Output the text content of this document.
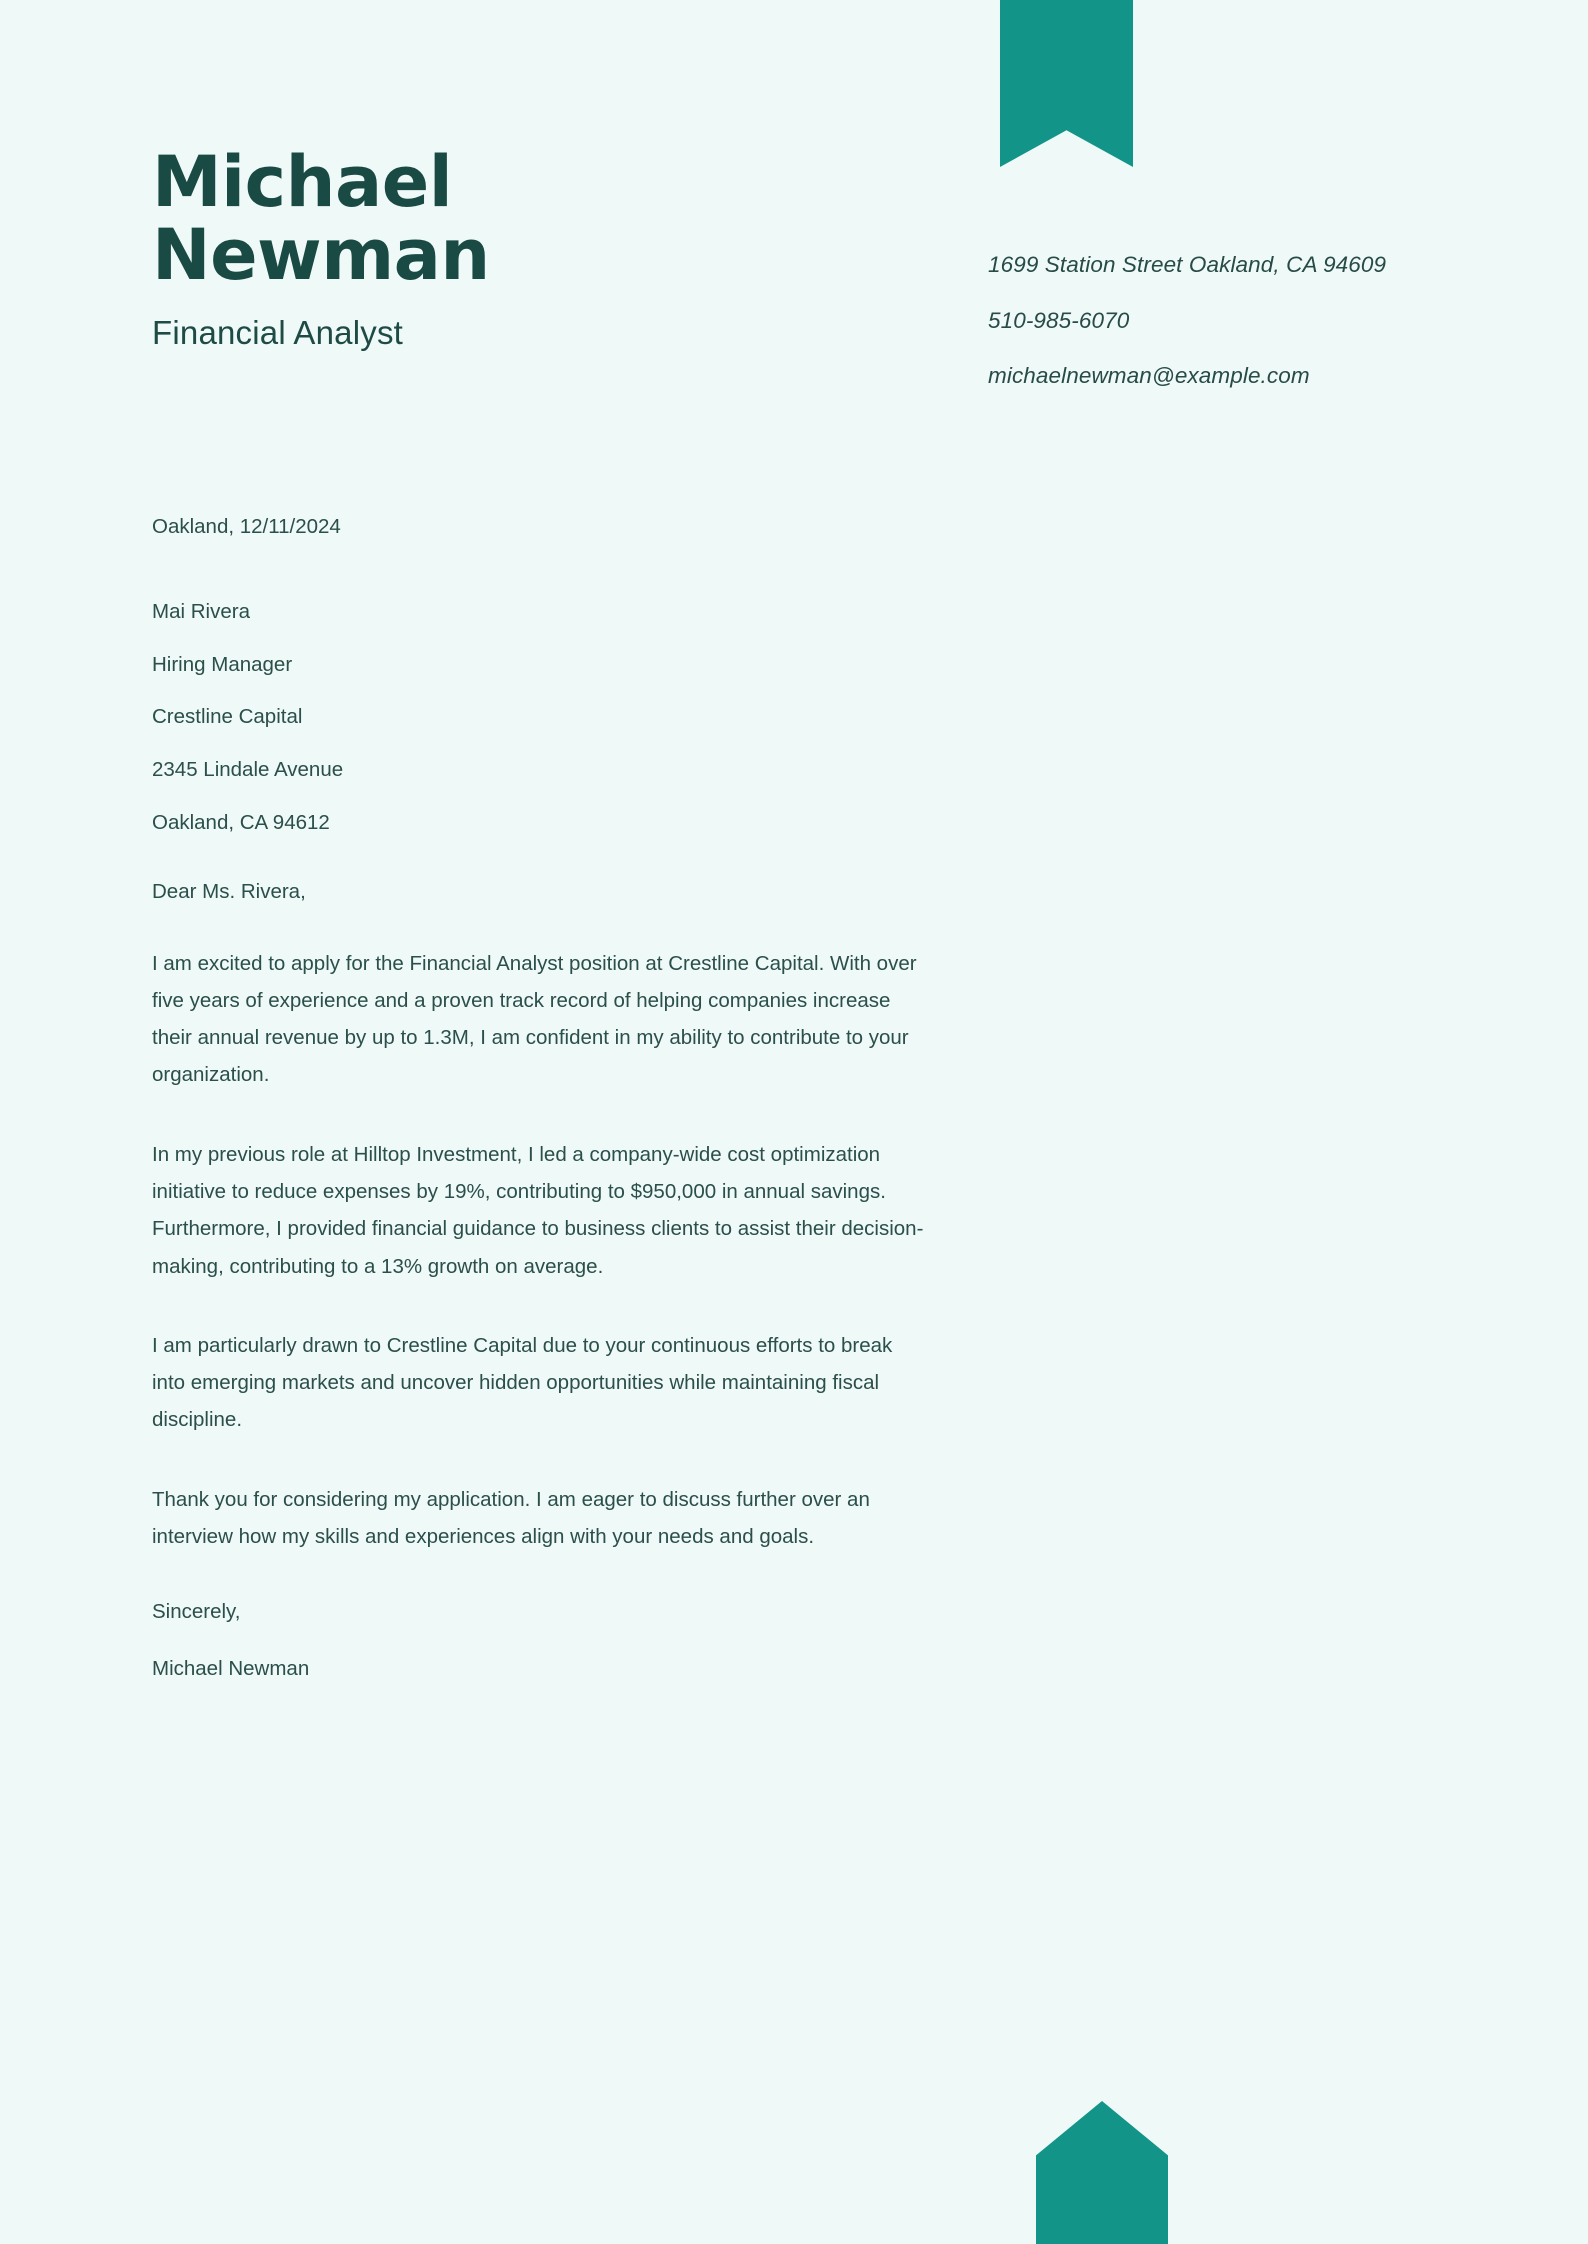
Michael
Newman

Financial Analyst

1699 Station Street Oakland, CA 94609

510-985-6070

michaelnewman@example.com

Oakland, 12/11/2024

Mai Rivera

Hiring Manager

Crestline Capital

2345 Lindale Avenue

Oakland, CA 94612

Dear Ms. Rivera,

I am excited to apply for the Financial Analyst position at Crestline Capital. With over five years of experience and a proven track record of helping companies increase their annual revenue by up to 1.3M, I am confident in my ability to contribute to your organization.

In my previous role at Hilltop Investment, I led a company-wide cost optimization initiative to reduce expenses by 19%, contributing to $950,000 in annual savings. Furthermore, I provided financial guidance to business clients to assist their decision-making, contributing to a 13% growth on average.

I am particularly drawn to Crestline Capital due to your continuous efforts to break into emerging markets and uncover hidden opportunities while maintaining fiscal discipline.

Thank you for considering my application. I am eager to discuss further over an interview how my skills and experiences align with your needs and goals.

Sincerely,

Michael Newman
